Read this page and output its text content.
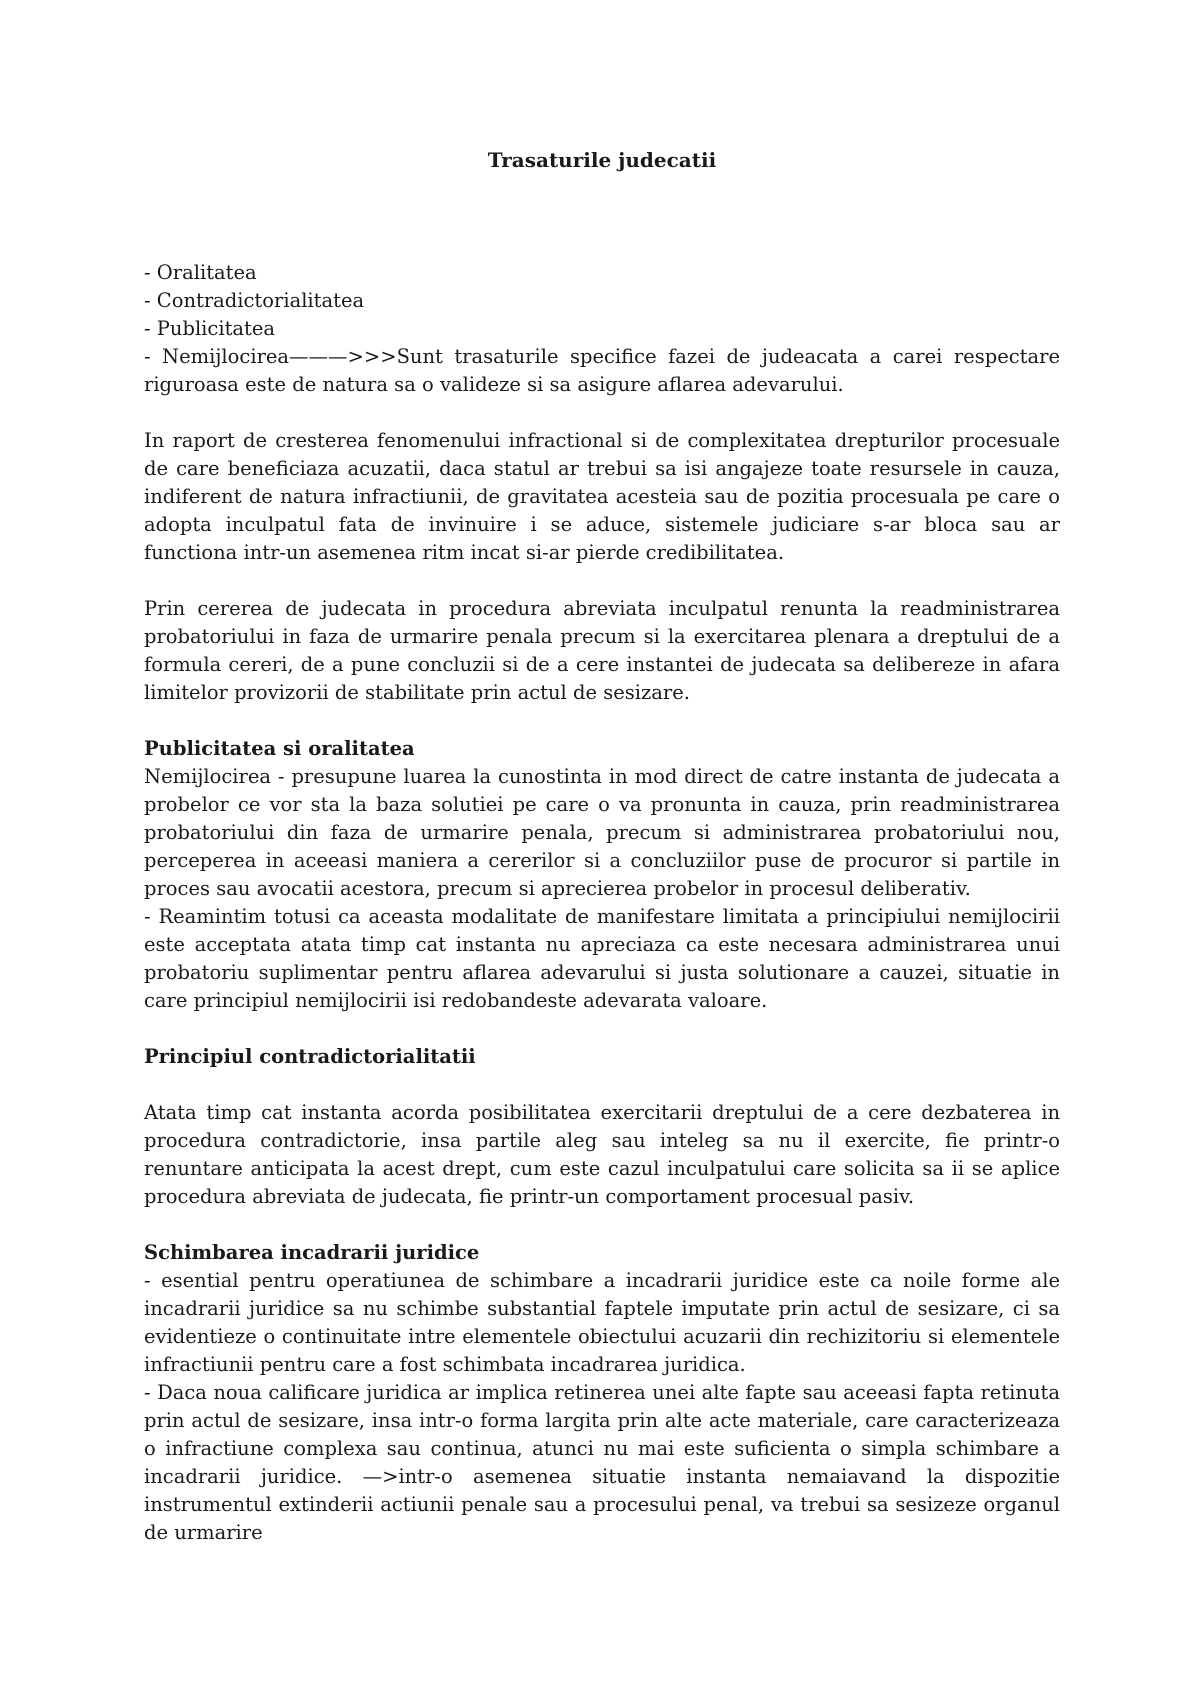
Trasaturile judecatii

- Oralitatea

- Contradictorialitatea

- Publicitatea

- Nemijlocirea———>>>Sunt trasaturile specifice fazei de judeacata a carei respectare riguroasa este de natura sa o valideze si sa asigure aflarea adevarului.

In raport de cresterea fenomenului infractional si de complexitatea drepturilor procesuale de care beneficiaza acuzatii, daca statul ar trebui sa isi angajeze toate resursele in cauza, indiferent de natura infractiunii, de gravitatea acesteia sau de pozitia procesuala pe care o adopta inculpatul fata de invinuire i se aduce, sistemele judiciare s-ar bloca sau ar functiona intr-un asemenea ritm incat si-ar pierde credibilitatea.

Prin cererea de judecata in procedura abreviata inculpatul renunta la readministrarea probatoriului in faza de urmarire penala precum si la exercitarea plenara a dreptului de a formula cereri, de a pune concluzii si de a cere instantei de judecata sa delibereze in afara limitelor provizorii de stabilitate prin actul de sesizare.

Publicitatea si oralitatea

Nemijlocirea - presupune luarea la cunostinta in mod direct de catre instanta de judecata a probelor ce vor sta la baza solutiei pe care o va pronunta in cauza, prin readministrarea probatoriului din faza de urmarire penala, precum si administrarea probatoriului nou, perceperea in aceeasi maniera a cererilor si a concluziilor puse de procuror si partile in proces sau avocatii acestora, precum si aprecierea probelor in procesul deliberativ.

- Reamintim totusi ca aceasta modalitate de manifestare limitata a principiului nemijlocirii este acceptata atata timp cat instanta nu apreciaza ca este necesara administrarea unui probatoriu suplimentar pentru aflarea adevarului si justa solutionare a cauzei, situatie in care principiul nemijlocirii isi redobandeste adevarata valoare.

Principiul contradictorialitatii

Atata timp cat instanta acorda posibilitatea exercitarii dreptului de a cere dezbaterea in procedura contradictorie, insa partile aleg sau inteleg sa nu il exercite, fie printr-o renuntare anticipata la acest drept, cum este cazul inculpatului care solicita sa ii se aplice procedura abreviata de judecata, fie printr-un comportament procesual pasiv.

Schimbarea incadrarii juridice

- esential pentru operatiunea de schimbare a incadrarii juridice este ca noile forme ale incadrarii juridice sa nu schimbe substantial faptele imputate prin actul de sesizare, ci sa evidentieze o continuitate intre elementele obiectului acuzarii din rechizitoriu si elementele infractiunii pentru care a fost schimbata incadrarea juridica.

- Daca noua calificare juridica ar implica retinerea unei alte fapte sau aceeasi fapta retinuta prin actul de sesizare, insa intr-o forma largita prin alte acte materiale, care caracterizeaza o infractiune complexa sau continua, atunci nu mai este suficienta o simpla schimbare a incadrarii juridice. —>intr-o asemenea situatie instanta nemaiavand la dispozitie instrumentul extinderii actiunii penale sau a procesului penal, va trebui sa sesizeze organul de urmarire
